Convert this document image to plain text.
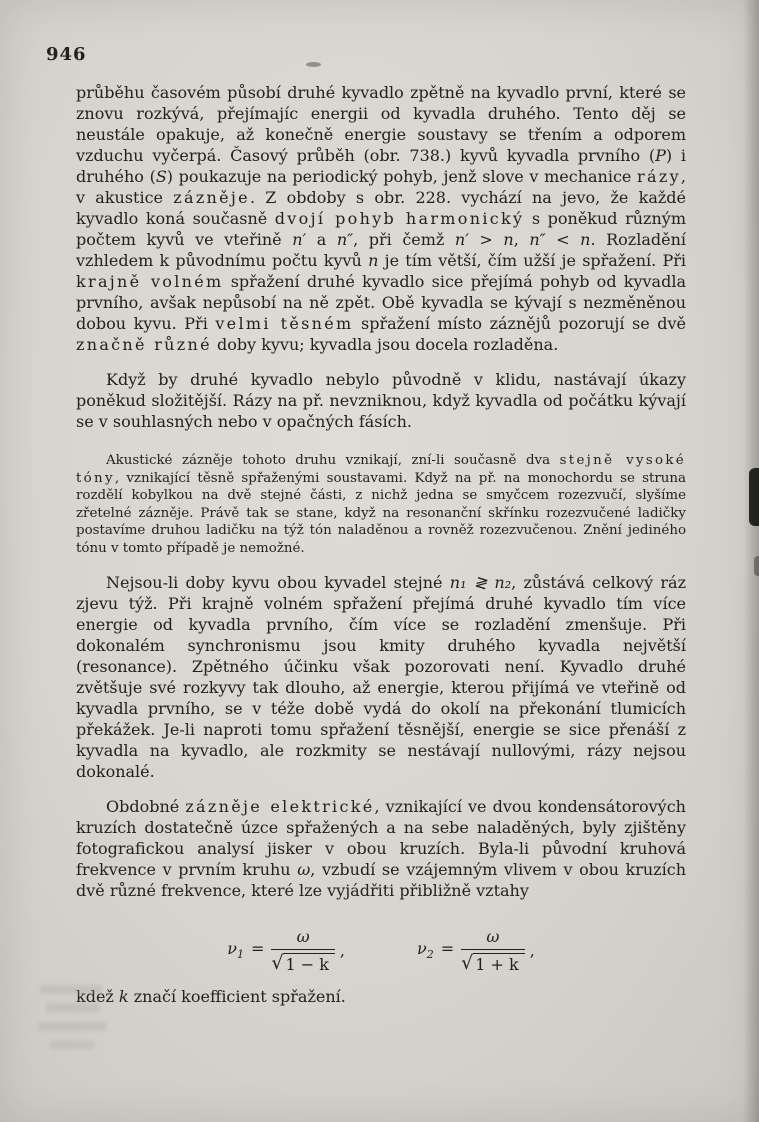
946

průběhu časovém působí druhé kyvadlo zpětně na kyvadlo první, které se znovu rozkývá, přejímajíc energii od kyvadla druhého. Tento děj se neustále opakuje, až konečně energie soustavy se třením a odporem vzduchu vyčerpá. Časový průběh (obr. 738.) kyvů kyvadla prvního (P) i druhého (S) poukazuje na periodický pohyb, jenž slove v mechanice rázy, v akustice zázněje. Z obdoby s obr. 228. vychází na jevo, že každé kyvadlo koná současně dvojí pohyb harmonický s poněkud různým počtem kyvů ve vteřině n′ a n″, při čemž n′ > n, n″ < n. Rozladění vzhledem k původnímu počtu kyvů n je tím větší, čím užší je spřažení. Při krajně volném spřažení druhé kyvadlo sice přejímá pohyb od kyvadla prvního, avšak nepůsobí na ně zpět. Obě kyvadla se kývají s nezměněnou dobou kyvu. Při velmi těsném spřažení místo záznějů pozorují se dvě značně různé doby kyvu; kyvadla jsou docela rozladěna.

Když by druhé kyvadlo nebylo původně v klidu, nastávají úkazy poněkud složitější. Rázy na př. nevzniknou, když kyvadla od počátku kývají se v souhlasných nebo v opačných fásích.

Akustické zázněje tohoto druhu vznikají, zní-li současně dva stejně vysoké tóny, vznikající těsně spřaženými soustavami. Když na př. na monochordu se struna rozdělí kobylkou na dvě stejné části, z nichž jedna se smyčcem rozezvučí, slyšíme zřetelné zázněje. Právě tak se stane, když na resonanční skřínku rozezvučené ladičky postavíme druhou ladičku na týž tón naladěnou a rovněž rozezvučenou. Znění jediného tónu v tomto případě je nemožné.

Nejsou-li doby kyvu obou kyvadel stejné n₁ ≷ n₂, zůstává celkový ráz zjevu týž. Při krajně volném spřažení přejímá druhé kyvadlo tím více energie od kyvadla prvního, čím více se rozladění zmenšuje. Při dokonalém synchronismu jsou kmity druhého kyvadla největší (resonance). Zpětného účinku však pozorovati není. Kyvadlo druhé zvětšuje své rozkyvy tak dlouho, až energie, kterou přijímá ve vteřině od kyvadla prvního, se v téže době vydá do okolí na překonání tlumicích překážek. Je-li naproti tomu spřažení těsnější, energie se sice přenáší z kyvadla na kyvadlo, ale rozkmity se nestávají nullovými, rázy nejsou dokonalé.

Obdobné zázněje elektrické, vznikající ve dvou kondensátorových kruzích dostatečně úzce spřažených a na sebe naladěných, byly zjištěny fotografickou analysí jisker v obou kruzích. Byla-li původní kruhová frekvence v prvním kruhu ω, vzbudí se vzájemným vlivem v obou kruzích dvě různé frekvence, které lze vyjádřiti přibližně vztahy

$\nu_1 = \frac{\omega}{√ 1 - k}$ ,	$\nu_2 = \frac{\omega}{√ 1 + k}$ ,

kdež k značí koefficient spřažení.
